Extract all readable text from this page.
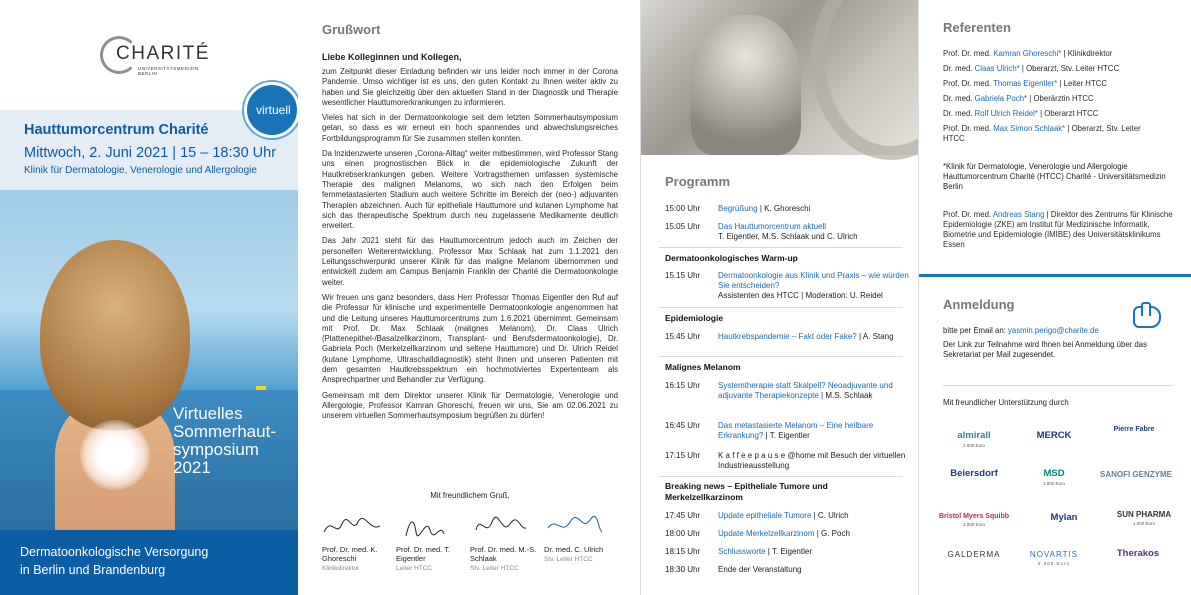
CHARITÉ
UNIVERSITÄTSMEDIZIN BERLIN
Hauttumorcentrum Charité
Mittwoch, 2. Juni 2021 | 15 – 18:30 Uhr
Klinik für Dermatologie, Venerologie und Allergologie
virtuell
Virtuelles
Sommerhaut-
symposium
2021
Dermatoonkologische Versorgung
in Berlin und Brandenburg
Grußwort
Liebe Kolleginnen und Kollegen,

zum Zeitpunkt dieser Einladung befinden wir uns leider noch immer in der Corona Pandemie. Umso wichtiger ist es uns, den guten Kontakt zu Ihnen weiter aktiv zu haben und Sie gleichzeitig über den aktuellen Stand in der Diagnostik und Therapie wesentlicher Hauttumorerkrankungen zu informieren.

Vieles hat sich in der Dermatoonkologie seit dem letzten Sommerhautsymposium getan, so dass es wir erneut ein hoch spannendes und abwechslungsreiches Fortbildungsprogramm für Sie zusammen stellen konnten.

Da Inzidenzwerte unseren „Corona-Alltag“ weiter mitbestimmen, wird Professor Stang uns einen prognostischen Blick in die epidemiologische Zukunft der Hautkrebserkrankungen geben. Weitere Vortragsthemen umfassen systemische Therapie des malignen Melanoms, wo sich nach den Erfolgen beim fernmetastasierten Stadium auch weitere Schritte im Bereich der (neo-) adjuvanten Therapien abzeichnen. Auch für epitheliale Hauttumore und kutanen Lymphome hat sich das therapeutische Spektrum durch neu zugelassene Medikamente deutlich erweitert.

Das Jahr 2021 steht für das Hauttumorcentrum jedoch auch im Zeichen der personellen Weiterentwicklung. Professor Max Schlaak hat zum 1.1.2021 den Leitungsschwerpunkt unserer Klinik für das maligne Melanom übernommen und entwickelt zudem am Campus Benjamin Franklin der Charité die Dermatoonkologie weiter.

Wir freuen uns ganz besonders, dass Herr Professor Thomas Eigentler den Ruf auf die Professur für klinische und experimentelle Dermatoonkologie angenommen hat und die Leitung unseres Hauttumorcentrums zum 1.6.2021 übernimmt. Gemeinsam mit Prof. Dr. Max Schlaak (malignes Melanom), Dr. Claas Ulrich (Plattenepithel-/Basalzellkarzinom, Transplant- und Berufsdermatoonkologie), Dr. Gabriela Poch (Merkelzellkarzinom und seltene Hauttumore) und Dr. Ulrich Reidel (kutane Lymphome, Ultraschalldiagnostik) steht Ihnen und unseren Patienten mit dem gesamten Hautkrebsspektrum ein hochmotiviertes Expertenteam als Ansprechpartner und Behandler zur Verfügung.

Gemeinsam mit dem Direktor unserer Klinik für Dermatologie, Venerologie und Allergologie, Professor Kamran Ghoreschi, freuen wir uns, Sie am 02.06.2021 zu unserem virtuellen Sommerhautsymposium begrüßen zu dürfen!

Mit freundlichem Gruß,
Prof. Dr. med. K. Ghoreschi
Klinikdirektor
Prof. Dr. med. T. Eigentler
Leiter HTCC
Prof. Dr. med. M.-S. Schlaak
Stv. Leiter HTCC
Dr. med. C. Ulrich
Stv. Leiter HTCC
Programm
15:00 Uhr	Begrüßung | K. Ghoreschi
15:05 Uhr	Das Hauttumorcentrum aktuell
T. Eigentler, M.S. Schlaak und C. Ulrich
Dermatoonkologisches Warm-up
15.15 Uhr	Dermatoonkologie aus Klinik und Praxis – wie würden Sie entscheiden?
Assistenten des HTCC | Moderation: U. Reidel
Epidemiologie
15:45 Uhr	Hautkrebspandemie – Fakt oder Fake? | A. Stang
Malignes Melanom
16:15 Uhr	Systemtherapie statt Skalpell? Neoadjuvante und adjuvante Therapiekonzepte | M.S. Schlaak
16:45 Uhr	Das metastasierte Melanom – Eine heilbare Erkrankung? | T. Eigentler
17:15 Uhr	K a f f e e p a u s e @home mit Besuch der virtuellen Industrieausstellung
Breaking news – Epitheliale Tumore und Merkelzellkarzinom
17:45 Uhr	Update epitheliale Tumore | C. Ulrich
18:00 Uhr	Update Merkelzellkarzinom | G. Poch
18:15 Uhr	Schlussworte | T. Eigentler
18:30 Uhr	Ende der Veranstaltung
Referenten
Prof. Dr. med. Kamran Ghoreschi* | Klinikdirektor
Dr. med. Claas Ulrich* | Oberarzt, Stv. Leiter HTCC
Prof. Dr. med. Thomas Eigentler* | Leiter HTCC
Dr. med. Gabriela Poch* | Oberärztin HTCC
Dr. med. Rolf Ulrich Reidel* | Oberarzt HTCC
Prof. Dr. med. Max Simon Schlaak* | Oberarzt, Stv. Leiter HTCC
*Klinik für Dermatologie, Venerologie und Allergologie Hauttumorcentrum Charité (HTCC) Charité - Universitätsmedizin Berlin
Prof. Dr. med. Andreas Stang | Direktor des Zentrums für Klinische Epidemiologie (ZKE) am Institut für Medizinische Informatik, Biometrie und Epidemiologie (IMIBE) des Universitätsklinikums Essen
Anmeldung
bitte per Email an: yasmin.perigo@charite.de
Der Link zur Teilnahme wird Ihnen bei Anmeldung über das Sekretariat per Mail zugesendet.
Mit freundlicher Unterstützung durch
almirall
2.000 Euro
MERCK
Pierre Fabre
Beiersdorf	MSD
1.800 Euro
SANOFI GENZYME
Bristol Myers Squibb
2.000 Euro
Mylan	SUN PHARMA
1.000 Euro
GALDERMA	NOVARTIS
2.000 Euro
Therakos
